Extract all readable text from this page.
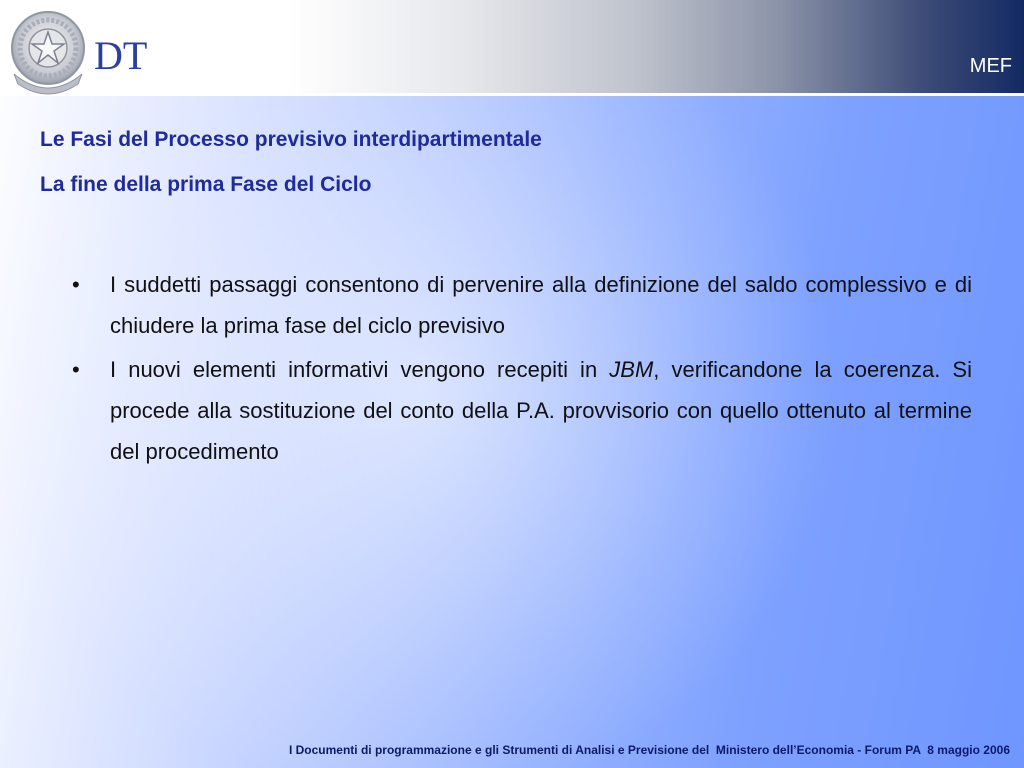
DT	MEF
Le Fasi del Processo previsivo interdipartimentale
La fine della prima Fase del Ciclo
•	I suddetti passaggi consentono di pervenire alla definizione del saldo complessivo e di chiudere la prima fase del ciclo previsivo
•	I nuovi elementi informativi vengono recepiti in JBM, verificandone la coerenza. Si procede alla sostituzione del conto della P.A. provvisorio con quello ottenuto al termine del procedimento
I Documenti di programmazione e gli Strumenti di Analisi e Previsione del  Ministero dell’Economia - Forum PA  8 maggio 2006
